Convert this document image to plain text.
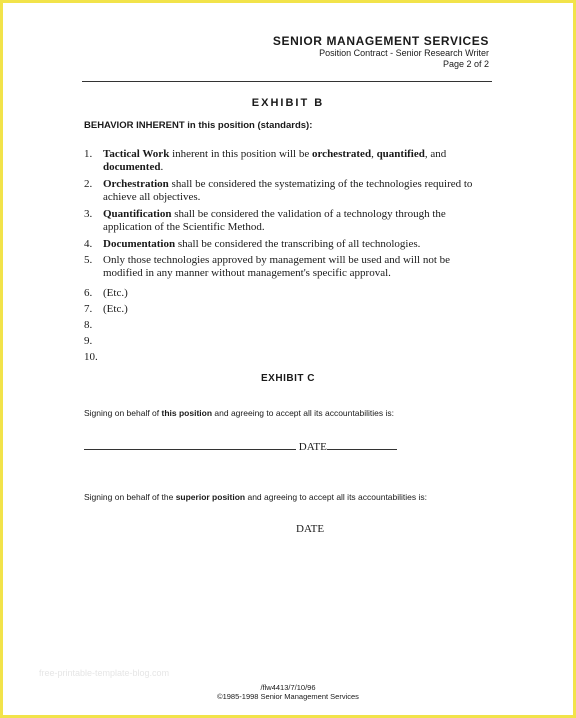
SENIOR MANAGEMENT SERVICES
Position Contract - Senior Research Writer
Page 2 of 2
EXHIBIT B
BEHAVIOR INHERENT in this position (standards):
1. Tactical Work inherent in this position will be orchestrated, quantified, and documented.
2. Orchestration shall be considered the systematizing of the technologies required to achieve all objectives.
3. Quantification shall be considered the validation of a technology through the application of the Scientific Method.
4. Documentation shall be considered the transcribing of all technologies.
5. Only those technologies approved by management will be used and will not be modified in any manner without management's specific approval.
6. (Etc.)
7. (Etc.)
8.
9.
10.
EXHIBIT C
Signing on behalf of this position and agreeing to accept all its accountabilities is:
DATE
Signing on behalf of the superior position and agreeing to accept all its accountabilities is:
DATE
free-printable-template-blog.com
/flw4413/7/10/96
©1985-1998 Senior Management Services
